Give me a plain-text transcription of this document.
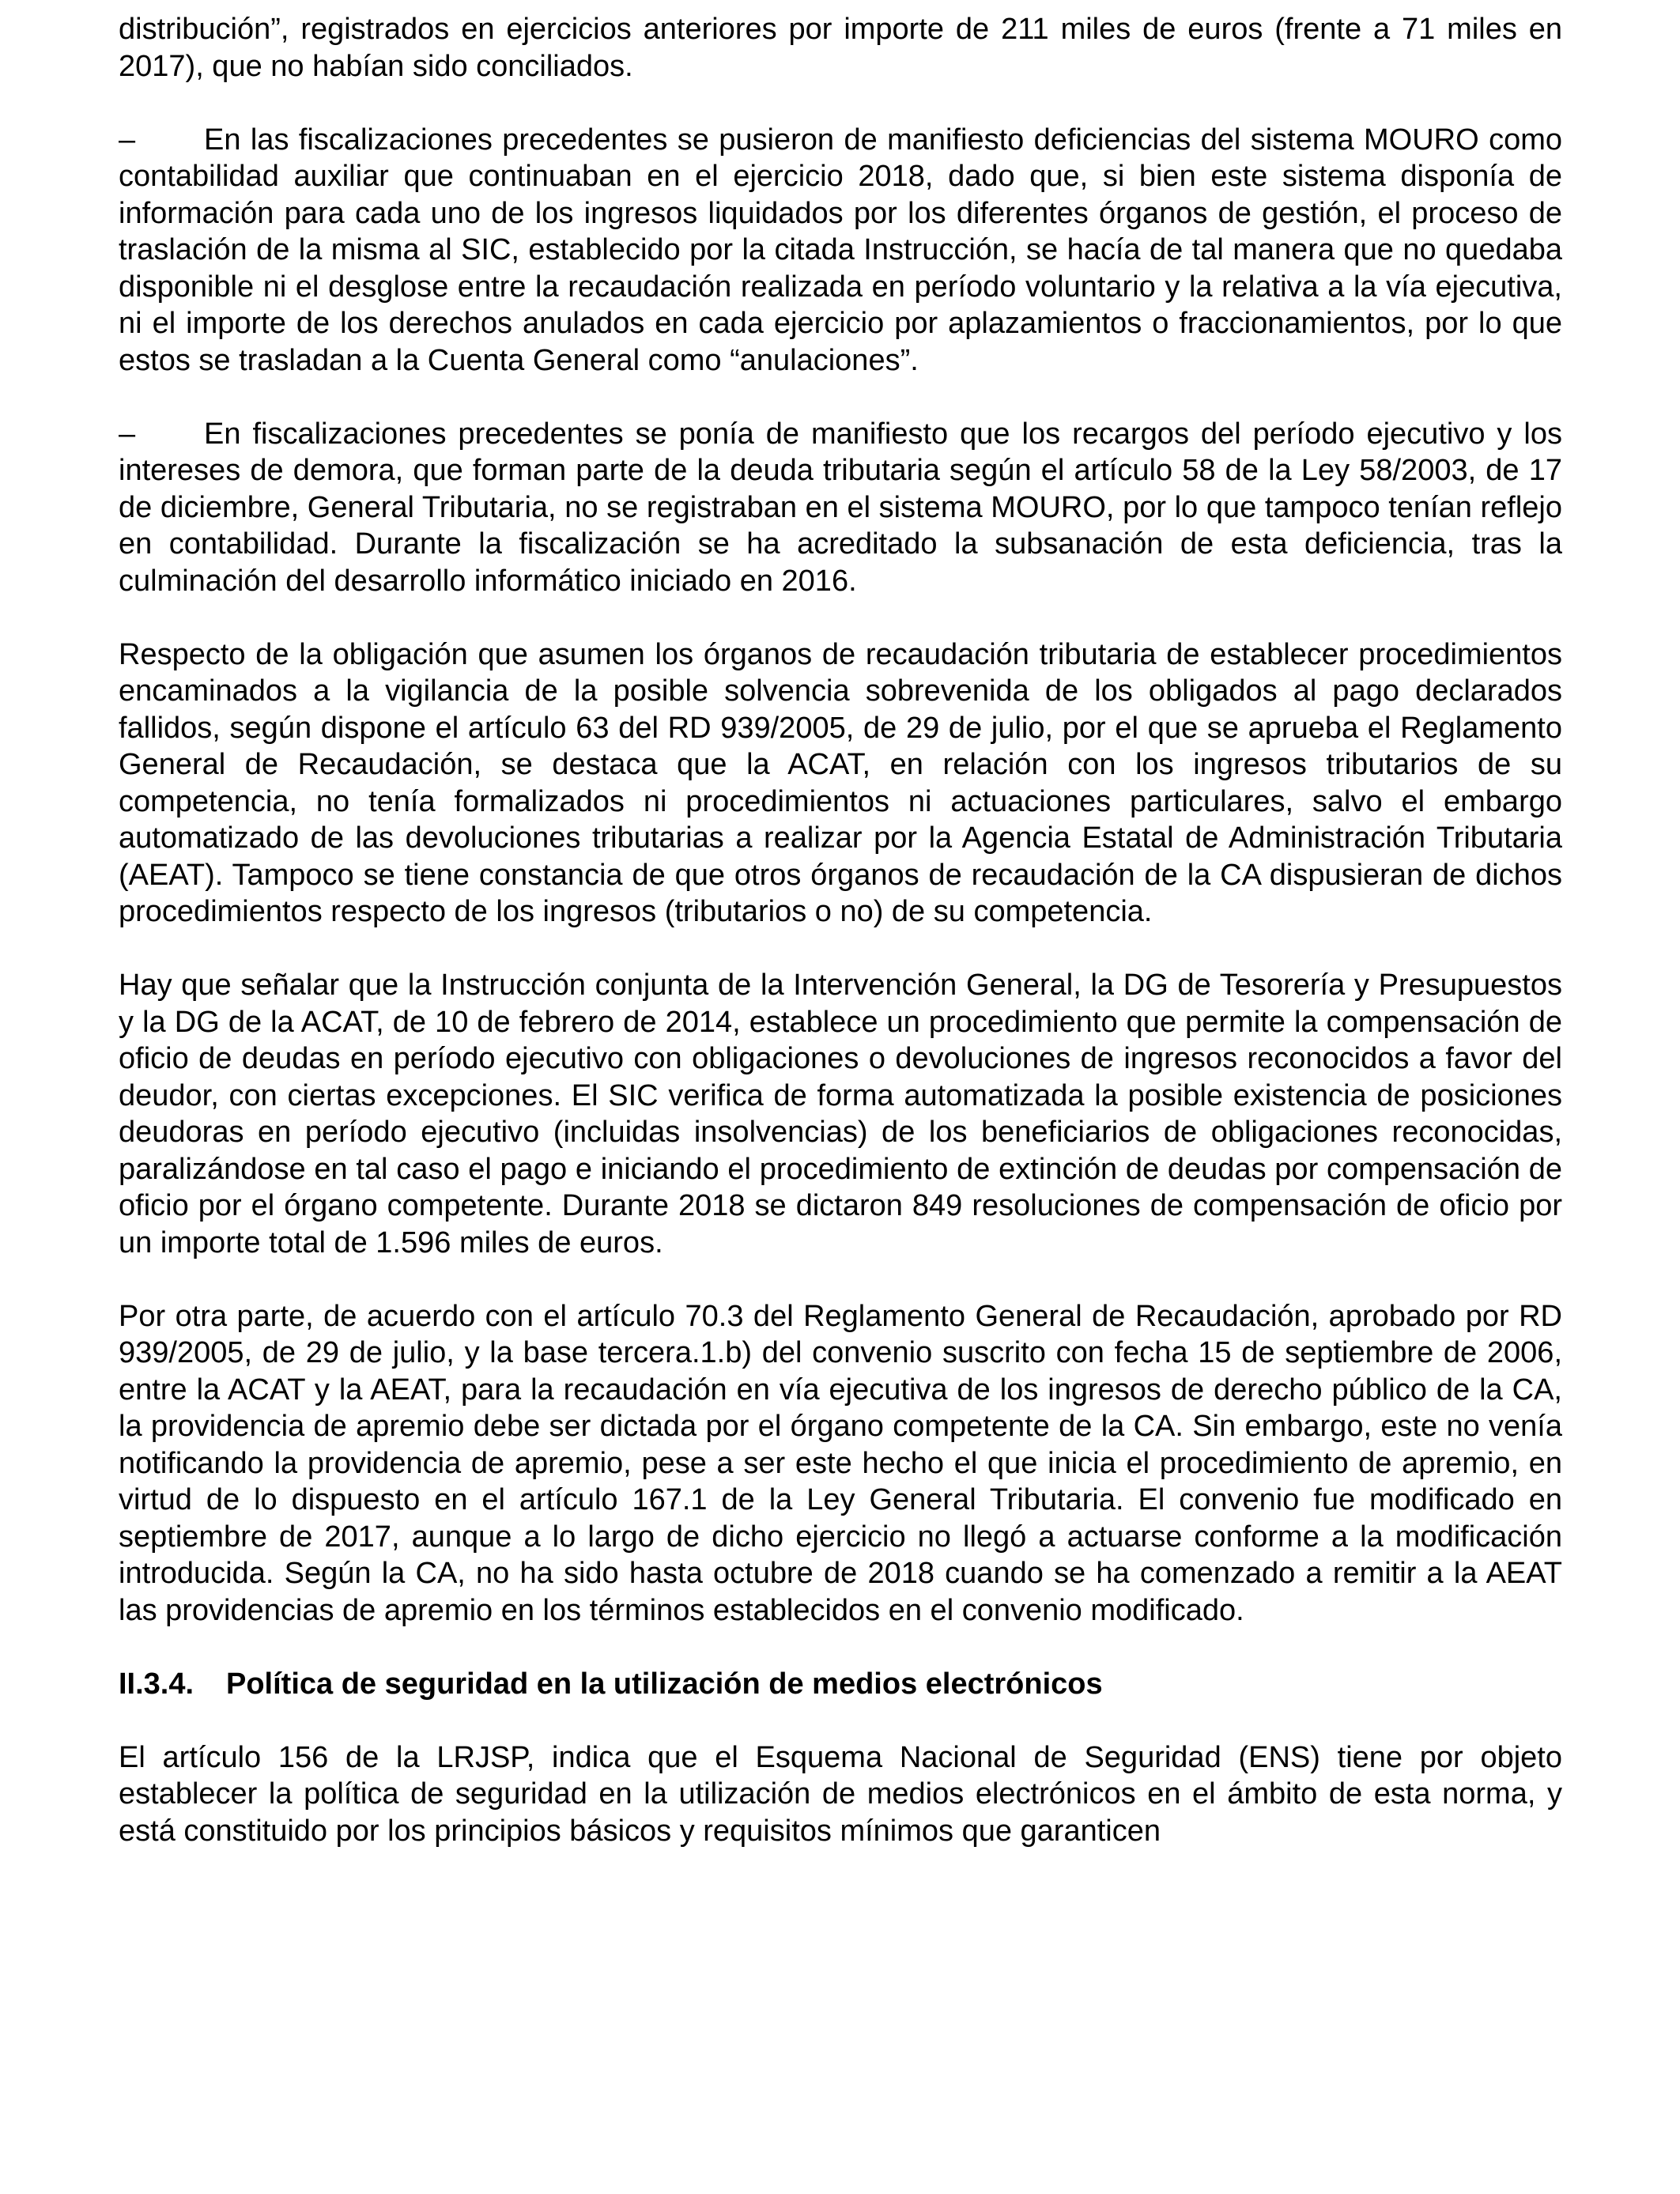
distribución”, registrados en ejercicios anteriores por importe de 211 miles de euros (frente a 71 miles en 2017), que no habían sido conciliados.

– En las fiscalizaciones precedentes se pusieron de manifiesto deficiencias del sistema MOURO como contabilidad auxiliar que continuaban en el ejercicio 2018, dado que, si bien este sistema disponía de información para cada uno de los ingresos liquidados por los diferentes órganos de gestión, el proceso de traslación de la misma al SIC, establecido por la citada Instrucción, se hacía de tal manera que no quedaba disponible ni el desglose entre la recaudación realizada en período voluntario y la relativa a la vía ejecutiva, ni el importe de los derechos anulados en cada ejercicio por aplazamientos o fraccionamientos, por lo que estos se trasladan a la Cuenta General como “anulaciones”.

– En fiscalizaciones precedentes se ponía de manifiesto que los recargos del período ejecutivo y los intereses de demora, que forman parte de la deuda tributaria según el artículo 58 de la Ley 58/2003, de 17 de diciembre, General Tributaria, no se registraban en el sistema MOURO, por lo que tampoco tenían reflejo en contabilidad. Durante la fiscalización se ha acreditado la subsanación de esta deficiencia, tras la culminación del desarrollo informático iniciado en 2016.

Respecto de la obligación que asumen los órganos de recaudación tributaria de establecer procedimientos encaminados a la vigilancia de la posible solvencia sobrevenida de los obligados al pago declarados fallidos, según dispone el artículo 63 del RD 939/2005, de 29 de julio, por el que se aprueba el Reglamento General de Recaudación, se destaca que la ACAT, en relación con los ingresos tributarios de su competencia, no tenía formalizados ni procedimientos ni actuaciones particulares, salvo el embargo automatizado de las devoluciones tributarias a realizar por la Agencia Estatal de Administración Tributaria (AEAT). Tampoco se tiene constancia de que otros órganos de recaudación de la CA dispusieran de dichos procedimientos respecto de los ingresos (tributarios o no) de su competencia.

Hay que señalar que la Instrucción conjunta de la Intervención General, la DG de Tesorería y Presupuestos y la DG de la ACAT, de 10 de febrero de 2014, establece un procedimiento que permite la compensación de oficio de deudas en período ejecutivo con obligaciones o devoluciones de ingresos reconocidos a favor del deudor, con ciertas excepciones. El SIC verifica de forma automatizada la posible existencia de posiciones deudoras en período ejecutivo (incluidas insolvencias) de los beneficiarios de obligaciones reconocidas, paralizándose en tal caso el pago e iniciando el procedimiento de extinción de deudas por compensación de oficio por el órgano competente. Durante 2018 se dictaron 849 resoluciones de compensación de oficio por un importe total de 1.596 miles de euros.

Por otra parte, de acuerdo con el artículo 70.3 del Reglamento General de Recaudación, aprobado por RD 939/2005, de 29 de julio, y la base tercera.1.b) del convenio suscrito con fecha 15 de septiembre de 2006, entre la ACAT y la AEAT, para la recaudación en vía ejecutiva de los ingresos de derecho público de la CA, la providencia de apremio debe ser dictada por el órgano competente de la CA. Sin embargo, este no venía notificando la providencia de apremio, pese a ser este hecho el que inicia el procedimiento de apremio, en virtud de lo dispuesto en el artículo 167.1 de la Ley General Tributaria. El convenio fue modificado en septiembre de 2017, aunque a lo largo de dicho ejercicio no llegó a actuarse conforme a la modificación introducida. Según la CA, no ha sido hasta octubre de 2018 cuando se ha comenzado a remitir a la AEAT las providencias de apremio en los términos establecidos en el convenio modificado.

II.3.4. Política de seguridad en la utilización de medios electrónicos

El artículo 156 de la LRJSP, indica que el Esquema Nacional de Seguridad (ENS) tiene por objeto establecer la política de seguridad en la utilización de medios electrónicos en el ámbito de esta norma, y está constituido por los principios básicos y requisitos mínimos que garanticen
